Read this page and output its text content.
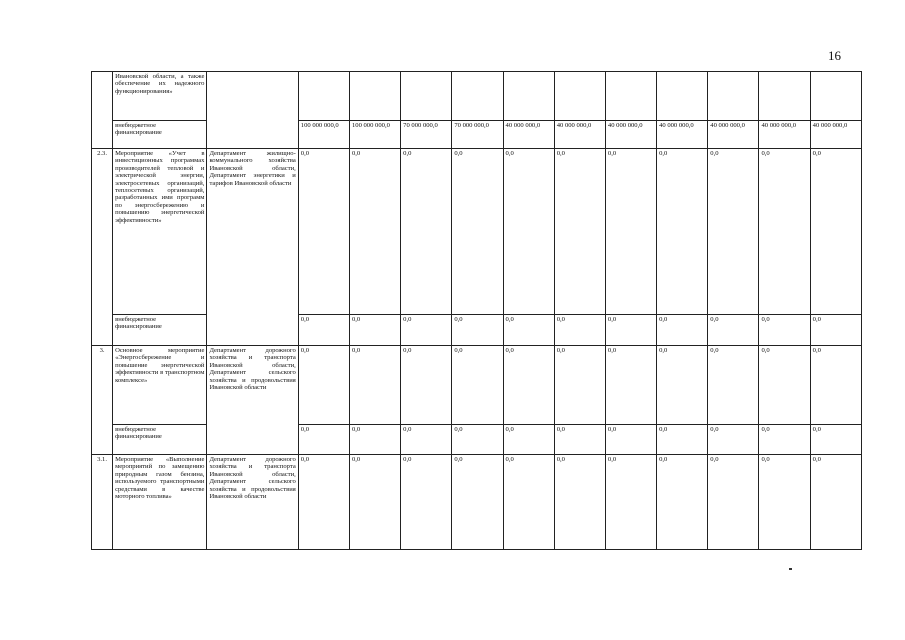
16
	Ивановской области, а также обеспечение их надежного функционирования»												
	внебюджетное финансирование		100 000 000,0	100 000 000,0	70 000 000,0	70 000 000,0	40 000 000,0	40 000 000,0	40 000 000,0	40 000 000,0	40 000 000,0	40 000 000,0	40 000 000,0
2.3.	Мероприятие «Учет в инвестиционных программах производителей тепловой и электрической энергии, электросетевых организаций, теплосетевых организаций, разработанных ими программ по энергосбережению и повышению энергетической эффективности»	Департамент жилищно-коммунального хозяйства Ивановской области, Департамент энергетики и тарифов Ивановской области	0,0	0,0	0,0	0,0	0,0	0,0	0,0	0,0	0,0	0,0	0,0
	внебюджетное финансирование		0,0	0,0	0,0	0,0	0,0	0,0	0,0	0,0	0,0	0,0	0,0
3.	Основное мероприятие «Энергосбережение и повышение энергетической эффективности в транспортном комплексе»	Департамент дорожного хозяйства и транспорта Ивановской области, Департамент сельского хозяйства и продовольствия Ивановской области	0,0	0,0	0,0	0,0	0,0	0,0	0,0	0,0	0,0	0,0	0,0
	внебюджетное финансирование		0,0	0,0	0,0	0,0	0,0	0,0	0,0	0,0	0,0	0,0	0,0
3.1.	Мероприятие «Выполнение мероприятий по замещению природным газом бензина, используемого транспортными средствами в качестве моторного топлива»	Департамент дорожного хозяйства и транспорта Ивановской области, Департамент сельского хозяйства и продовольствия Ивановской области	0,0	0,0	0,0	0,0	0,0	0,0	0,0	0,0	0,0	0,0	0,0
